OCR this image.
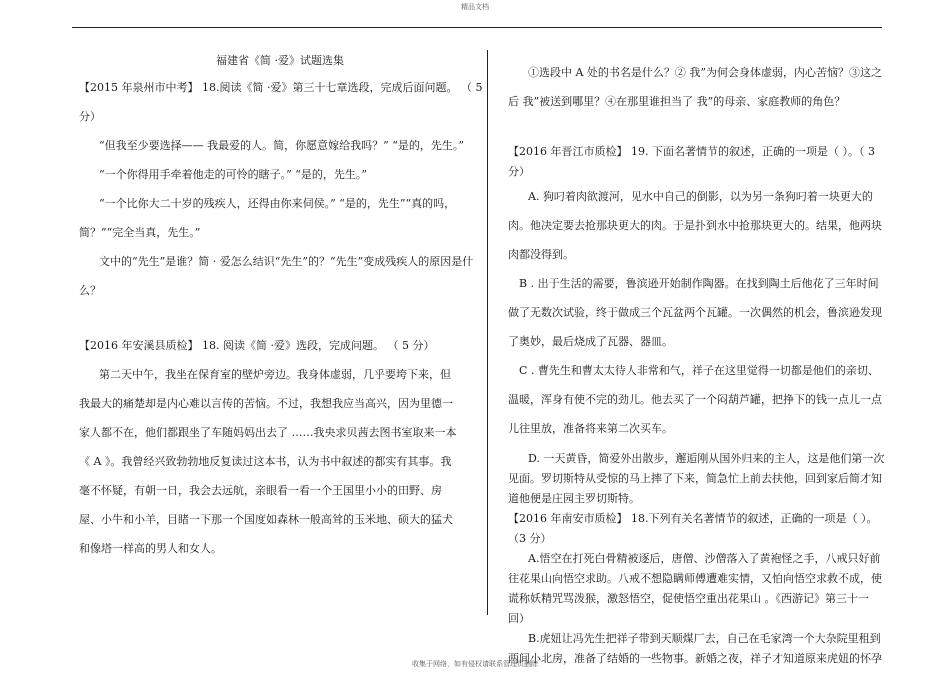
精品文档
福建省《简 ·爱》试题选集
【2015 年泉州市中考】 18.阅读《简 ·爱》第三十七章选段，完成后面问题。 （ 5
分）
“但我至少要选择—— 我最爱的人。简，你愿意嫁给我吗？” “是的，先生。”
“一个你得用手牵着他走的可怜的瞎子。” “是的，先生。”
“一个比你大二十岁的残疾人，还得由你来伺侯。” “是的，先生”“真的吗，
简？”“完全当真，先生。”
文中的“先生”是谁？简 · 爱怎么结识“先生”的？“先生”变成残疾人的原因是什
么？
【2016 年安溪县质检】 18. 阅读《简 ·爱》选段，完成问题。 （ 5 分）
第二天中午，我坐在保育室的壁炉旁边。我身体虚弱，几乎要垮下来，但
我最大的痛楚却是内心难以言传的苦恼。不过，我想我应当高兴，因为里德一
家人都不在，他们都跟坐了车随妈妈出去了 ……我央求贝茜去图书室取来一本
《 A 》。我曾经兴致勃勃地反复读过这本书，认为书中叙述的都实有其事。我
毫不怀疑，有朝一日，我会去远航，亲眼看一看一个王国里小小的田野、房
屋、小牛和小羊，目睹一下那一个国度如森林一般高耸的玉米地、硕大的猛犬
和像塔一样高的男人和女人。
①选段中 A 处的书名是什么？② 我”为何会身体虚弱，内心苦恼？③这之
后 我”被送到哪里？④在那里谁担当了 我”的母亲、家庭教师的角色？
【2016 年晋江市质检】 19. 下面名著情节的叙述，正确的一项是（ ）。（ 3
分）
A. 狗叼着肉欲渡河，见水中自己的倒影，以为另一条狗叼着一块更大的
肉。他决定要去抢那块更大的肉。于是扑到水中抢那块更大的。结果，他两块
肉都没得到。
B . 出于生活的需要，鲁滨逊开始制作陶器。在找到陶土后他花了三年时间
做了无数次试验，终于做成三个瓦盆两个瓦罐。一次偶然的机会，鲁滨逊发现
了奥妙，最后烧成了瓦器、器皿。
C . 曹先生和曹太太待人非常和气，祥子在这里觉得一切都是他们的亲切、
温暖，浑身有使不完的劲儿。他去买了一个闷葫芦罐，把挣下的钱一点儿一点
儿往里放，准备将来第二次买车。
D. 一天黄昏，简爱外出散步，邂逅刚从国外归来的主人，这是他们第一次
见面。罗切斯特从受惊的马上摔了下来，简急忙上前去扶他，回到家后简才知
道他便是庄园主罗切斯特。
【2016 年南安市质检】 18.下列有关名著情节的叙述，正确的一项是（ ）。
（3 分）
A.悟空在打死白骨精被逐后，唐僧、沙僧落入了黄袍怪之手，八戒只好前
往花果山向悟空求助。八戒不想隐瞒师傅遭难实情，又怕向悟空求救不成，使
谎称妖精咒骂泼猴，激怒悟空，促使悟空重出花果山 。《西游记》第三十一
回）
B.虎妞让冯先生把祥子带到天顺煤厂去，自己在毛家湾一个大杂院里租到
两间小北房，准备了结婚的一些物事。新婚之夜，祥子才知道原来虎妞的怀孕
收集于网络，如有侵权请联系管理员删除
